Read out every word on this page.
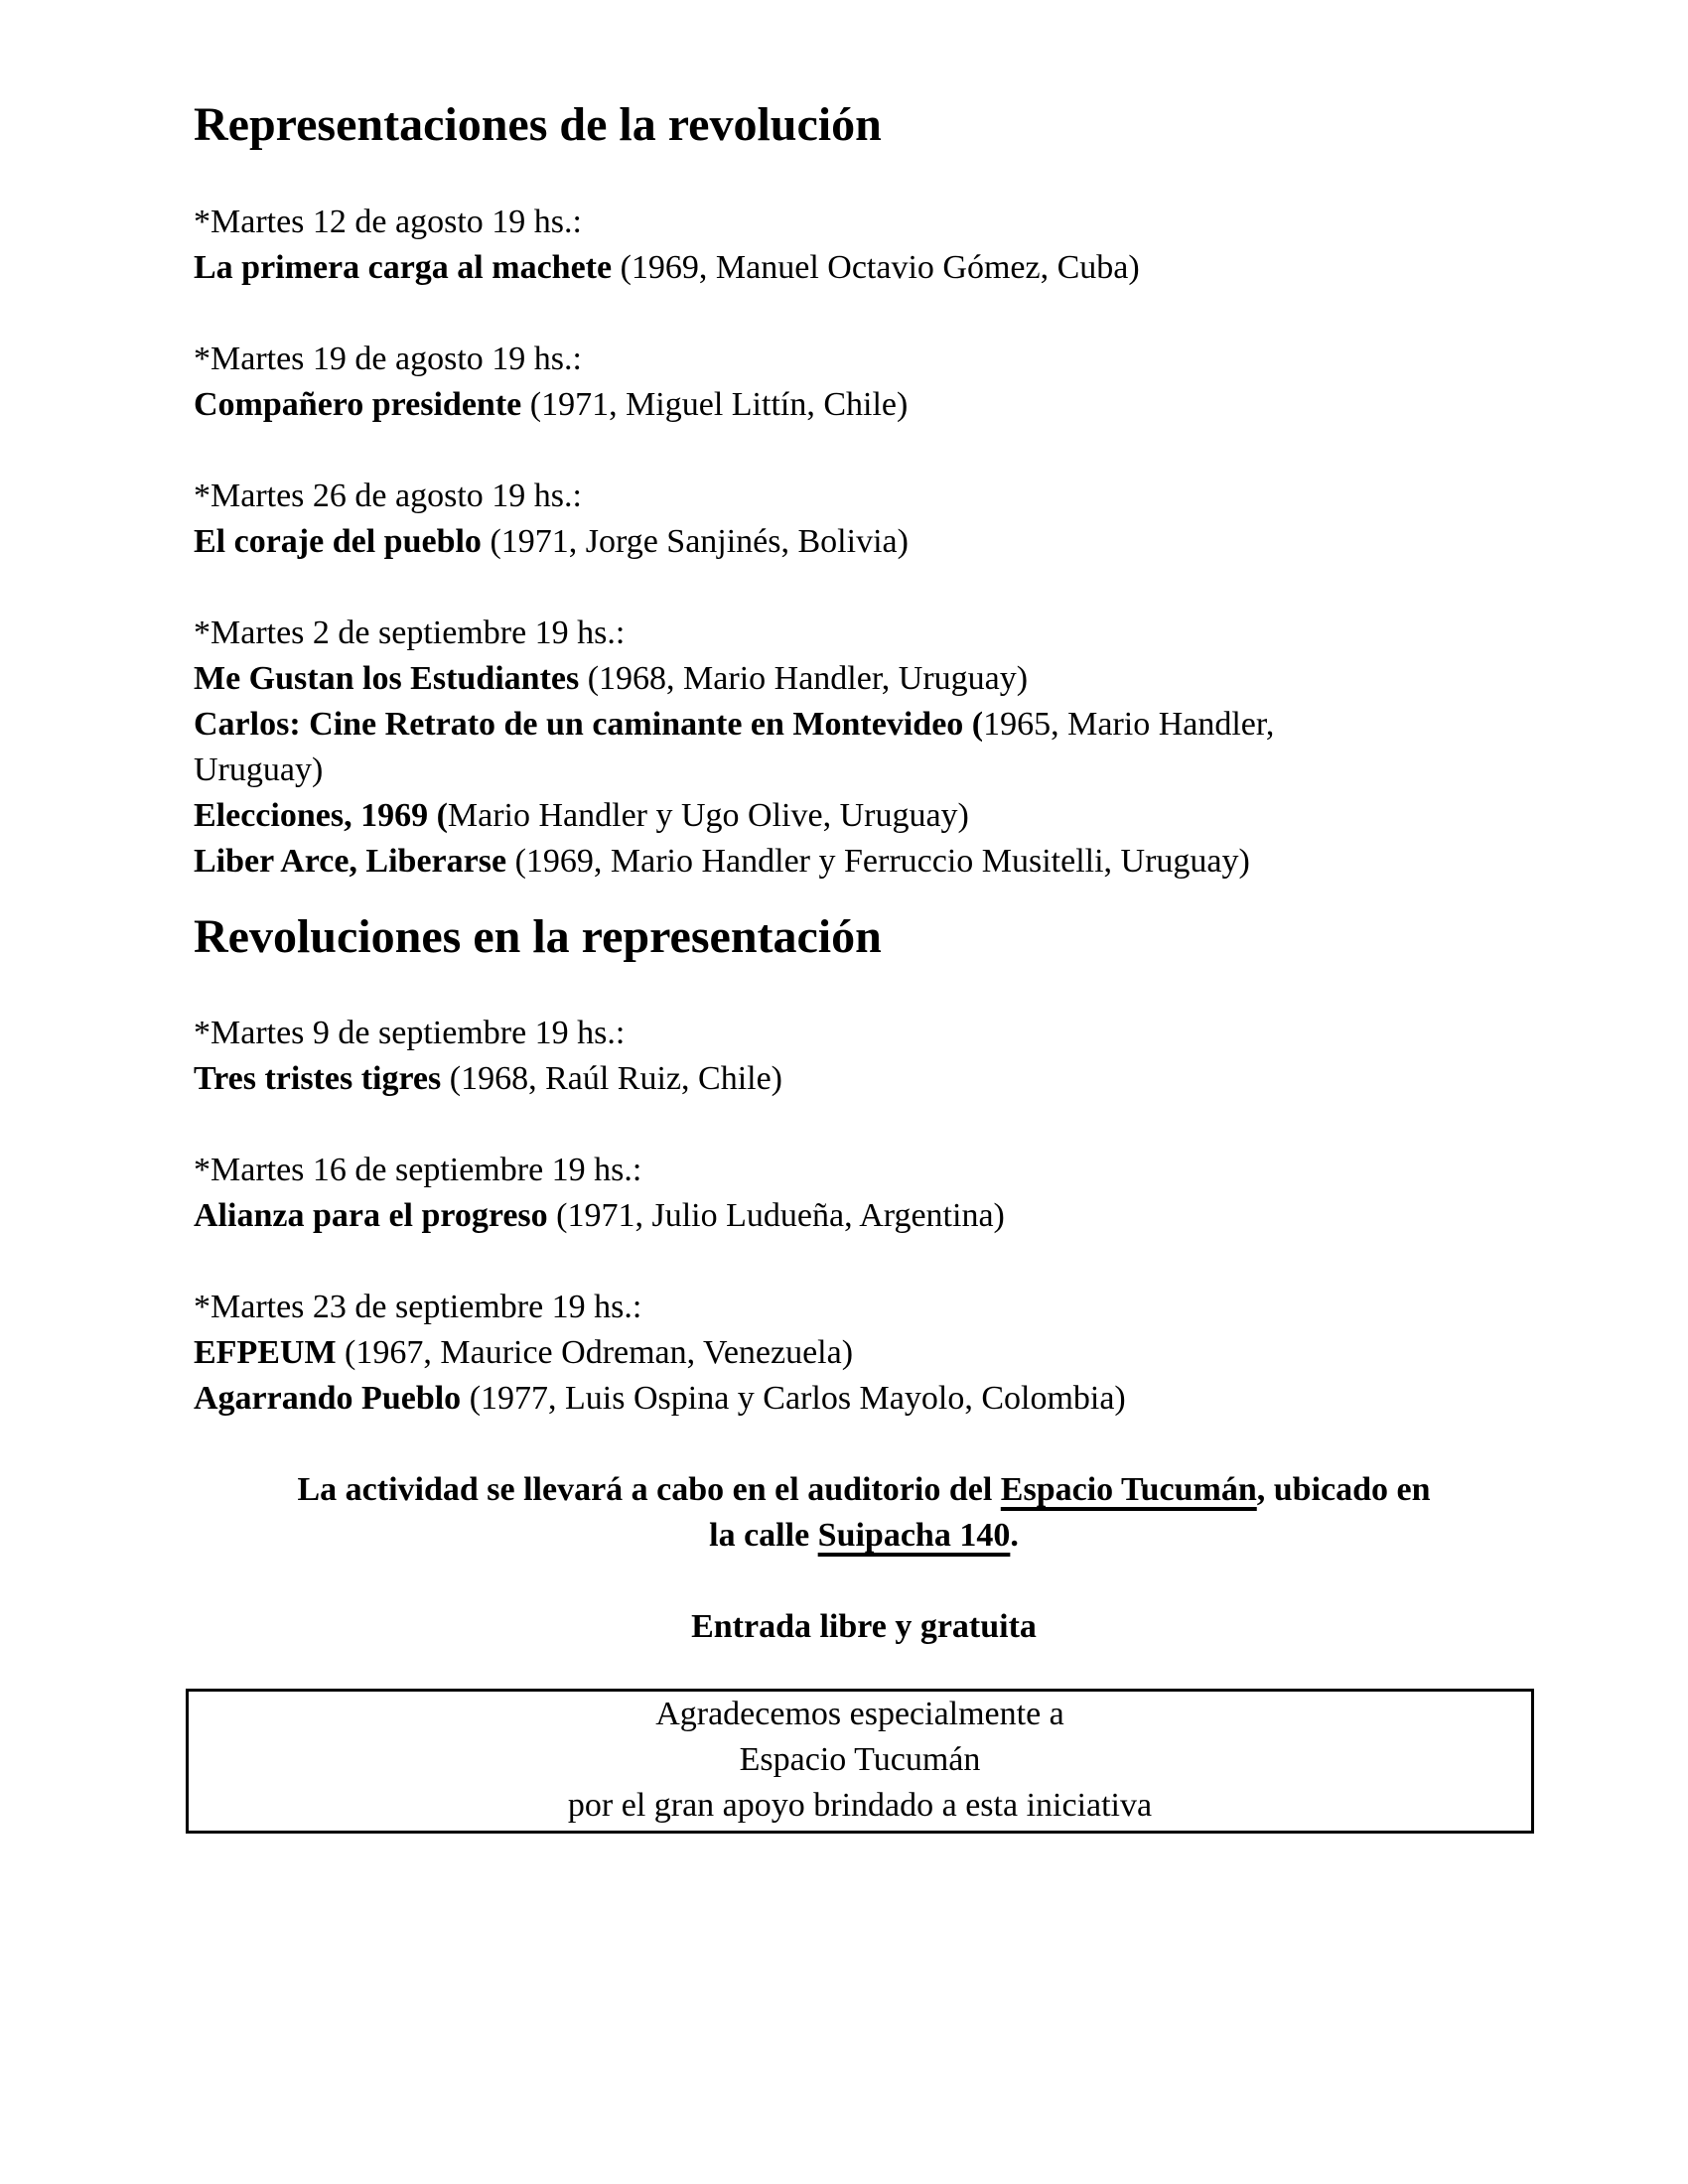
Representaciones de la revolución

*Martes 12 de agosto 19 hs.:
La primera carga al machete (1969, Manuel Octavio Gómez, Cuba)

*Martes 19 de agosto 19 hs.:
Compañero presidente (1971, Miguel Littín, Chile)

*Martes 26 de agosto 19 hs.:
El coraje del pueblo (1971, Jorge Sanjinés, Bolivia)

*Martes 2 de septiembre 19 hs.:
Me Gustan los Estudiantes (1968, Mario Handler, Uruguay)
Carlos: Cine Retrato de un caminante en Montevideo (1965, Mario Handler,
Uruguay)
Elecciones, 1969 (Mario Handler y Ugo Olive, Uruguay)
Liber Arce, Liberarse (1969, Mario Handler y Ferruccio Musitelli, Uruguay)

Revoluciones en la representación

*Martes 9 de septiembre 19 hs.:
Tres tristes tigres (1968, Raúl Ruiz, Chile)

*Martes 16 de septiembre 19 hs.:
Alianza para el progreso (1971, Julio Ludueña, Argentina)

*Martes 23 de septiembre 19 hs.:
EFPEUM (1967, Maurice Odreman, Venezuela)
Agarrando Pueblo (1977, Luis Ospina y Carlos Mayolo, Colombia)

La actividad se llevará a cabo en el auditorio del Espacio Tucumán, ubicado en
la calle Suipacha 140.

Entrada libre y gratuita

Agradecemos especialmente a
Espacio Tucumán
por el gran apoyo brindado a esta iniciativa
